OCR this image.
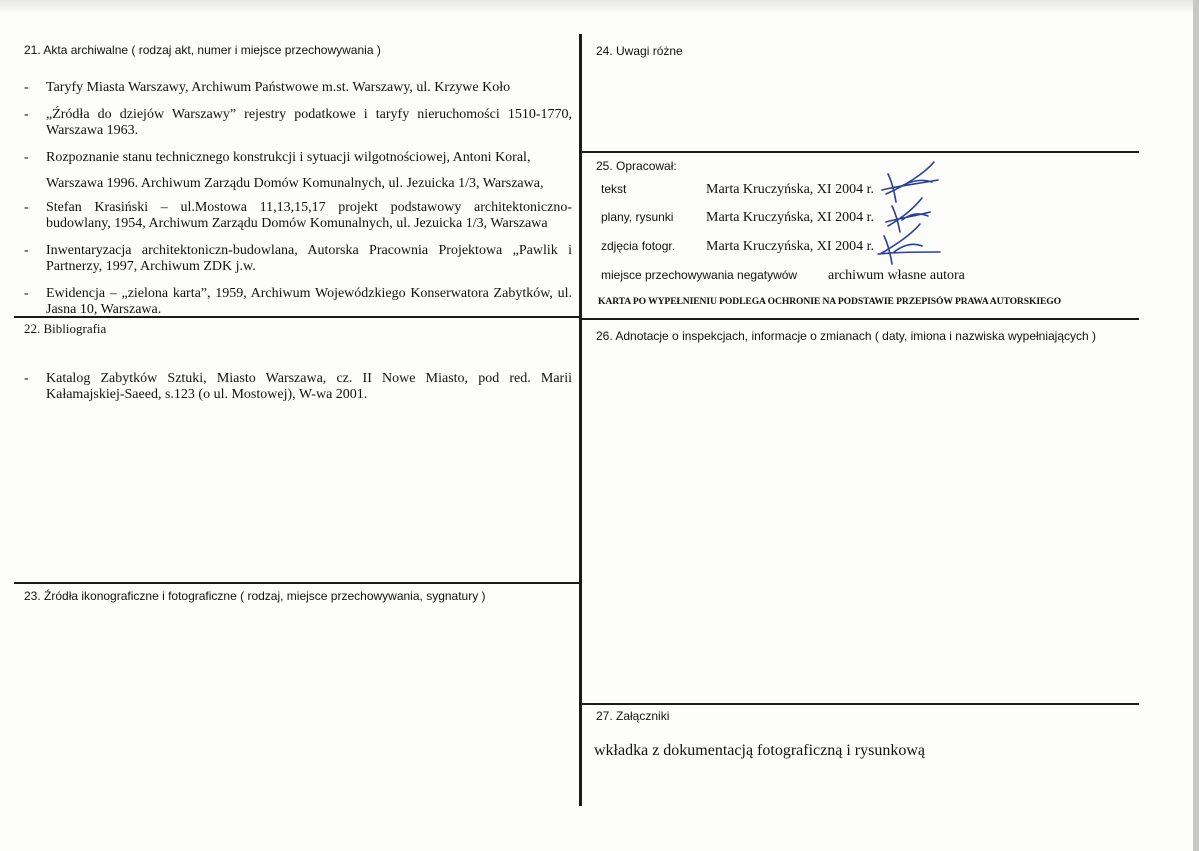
21. Akta archiwalne ( rodzaj akt, numer i miejsce przechowywania )
- Taryfy Miasta Warszawy, Archiwum Państwowe m.st. Warszawy, ul. Krzywe Koło
- „Źródła do dziejów Warszawy” rejestry podatkowe i taryfy nieruchomości 1510-1770, Warszawa 1963.
- Rozpoznanie stanu technicznego konstrukcji i sytuacji wilgotnościowej, Antoni Koral,
Warszawa 1996. Archiwum Zarządu Domów Komunalnych, ul. Jezuicka 1/3, Warszawa,
- Stefan Krasiński – ul.Mostowa 11,13,15,17 projekt podstawowy architektoniczno-budowlany, 1954, Archiwum Zarządu Domów Komunalnych, ul. Jezuicka 1/3, Warszawa
- Inwentaryzacja architektoniczn-budowlana, Autorska Pracownia Projektowa „Pawlik i Partnerzy, 1997, Archiwum ZDK j.w.
- Ewidencja – „zielona karta”, 1959, Archiwum Wojewódzkiego Konserwatora Zabytków, ul. Jasna 10, Warszawa.
22. Bibliografia
- Katalog Zabytków Sztuki, Miasto Warszawa, cz. II Nowe Miasto, pod red. Marii Kałamajskiej-Saeed, s.123 (o ul. Mostowej), W-wa 2001.
23. Źródła ikonograficzne i fotograficzne ( rodzaj, miejsce przechowywania, sygnatury )
24. Uwagi różne
25. Opracował:
tekst	Marta Kruczyńska, XI 2004 r.
plany, rysunki Marta Kruczyńska, XI 2004 r.
zdjęcia fotogr. Marta Kruczyńska, XI 2004 r.
miejsce przechowywania negatywów archiwum własne autora
KARTA PO WYPEŁNIENIU PODLEGA OCHRONIE NA PODSTAWIE PRZEPISÓW PRAWA AUTORSKIEGO
26. Adnotacje o inspekcjach, informacje o zmianach ( daty, imiona i nazwiska wypełniających )
27. Załączniki
wkładka z dokumentacją fotograficzną i rysunkową
